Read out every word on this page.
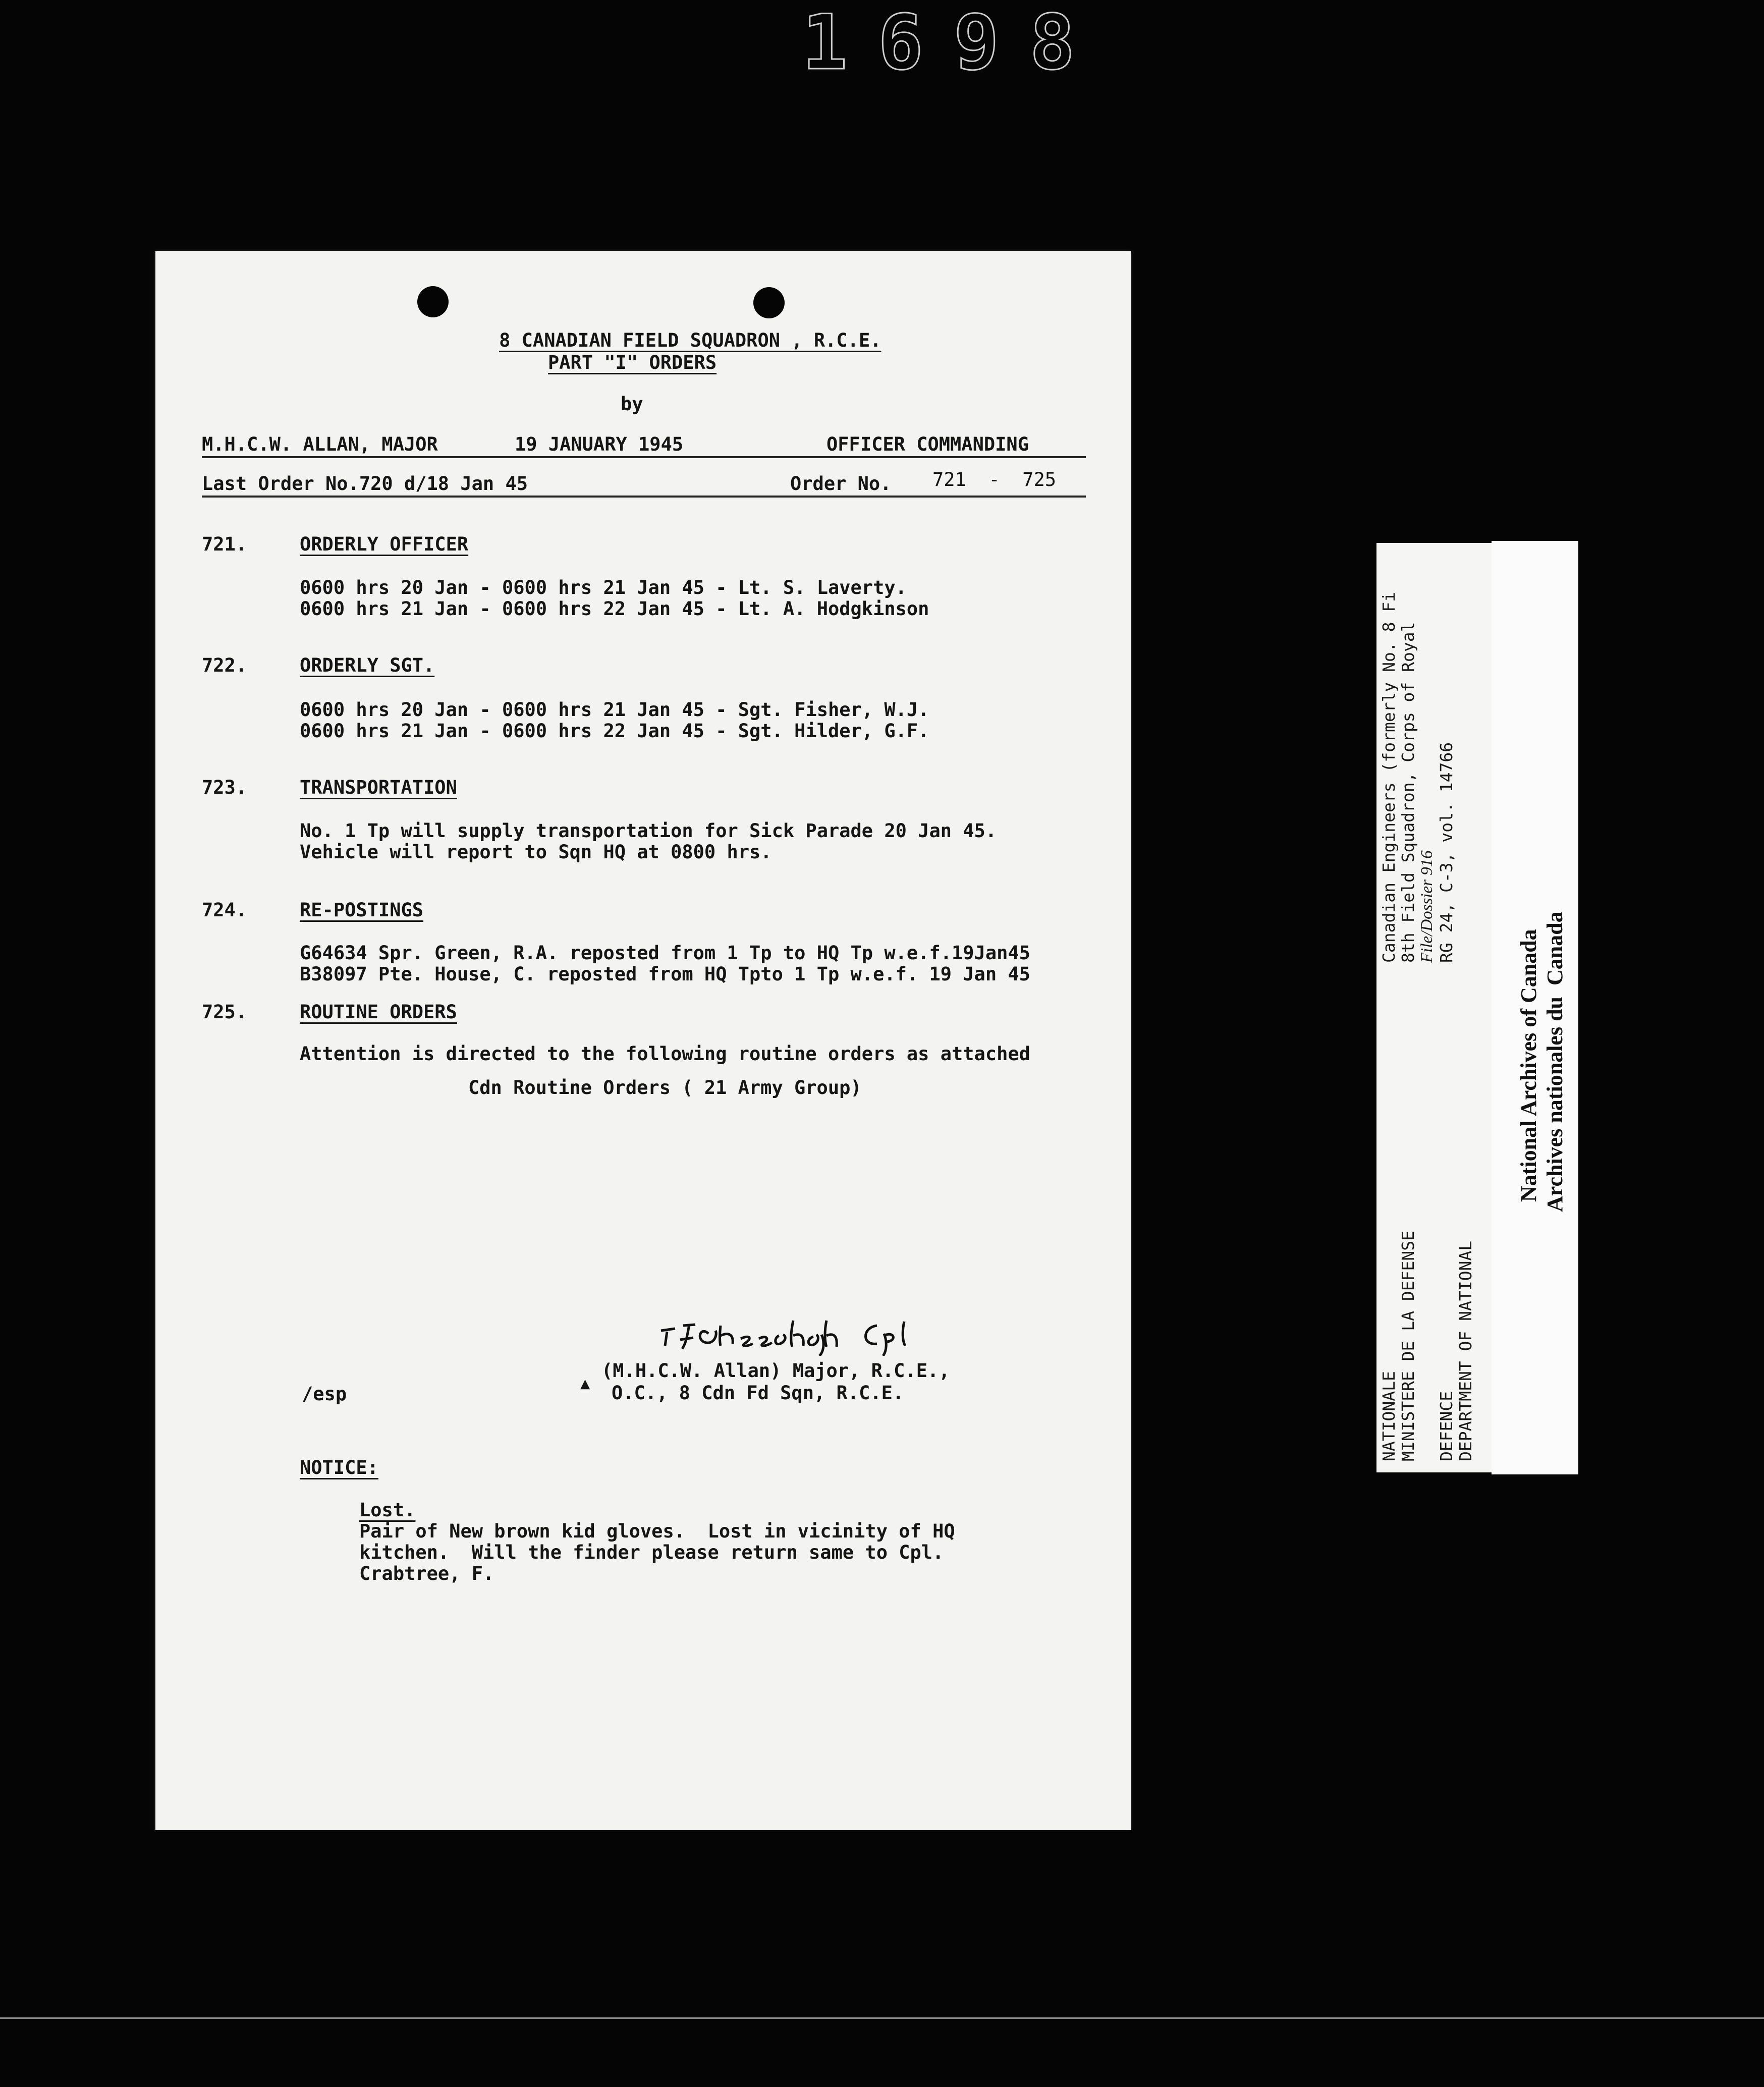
1698

8 CANADIAN FIELD SQUADRON , R.C.E.

PART "I" ORDERS
by
M.H.C.W. ALLAN, MAJOR	19 JANUARY 1945	OFFICER COMMANDING
Last Order No.720 d/18 Jan 45	Order No. 721  -  725
721.	ORDERLY OFFICER
0600 hrs 20 Jan - 0600 hrs 21 Jan 45 - Lt. S. Laverty.
0600 hrs 21 Jan - 0600 hrs 22 Jan 45 - Lt. A. Hodgkinson
722.	ORDERLY SGT.
0600 hrs 20 Jan - 0600 hrs 21 Jan 45 - Sgt. Fisher, W.J.
0600 hrs 21 Jan - 0600 hrs 22 Jan 45 - Sgt. Hilder, G.F.
723.	TRANSPORTATION
No. 1 Tp will supply transportation for Sick Parade 20 Jan 45.
Vehicle will report to Sqn HQ at 0800 hrs.
724.	RE-POSTINGS
G64634 Spr. Green, R.A. reposted from 1 Tp to HQ Tp w.e.f.19Jan45
B38097 Pte. House, C. reposted from HQ Tpto 1 Tp w.e.f. 19 Jan 45
725.	ROUTINE ORDERS
Attention is directed to the following routine orders as attached
Cdn Routine Orders ( 21 Army Group)
▲
(M.H.C.W. Allan) Major, R.C.E.,
O.C., 8 Cdn Fd Sqn, R.C.E.
/esp
NOTICE:
Lost.
Pair of New brown kid gloves.  Lost in vicinity of HQ
kitchen.  Will the finder please return same to Cpl.
Crabtree, F.
Canadian Engineers (formerly No. 8 Fi 8th Field Squadron, Corps of Royal File/Dossier 916 RG 24, C-3, vol. 14766
NATIONALE MINISTERE DE LA DEFENSE DEFENCE DEPARTMENT OF NATIONAL
Archives nationales du  Canada
National Archives of Canada
